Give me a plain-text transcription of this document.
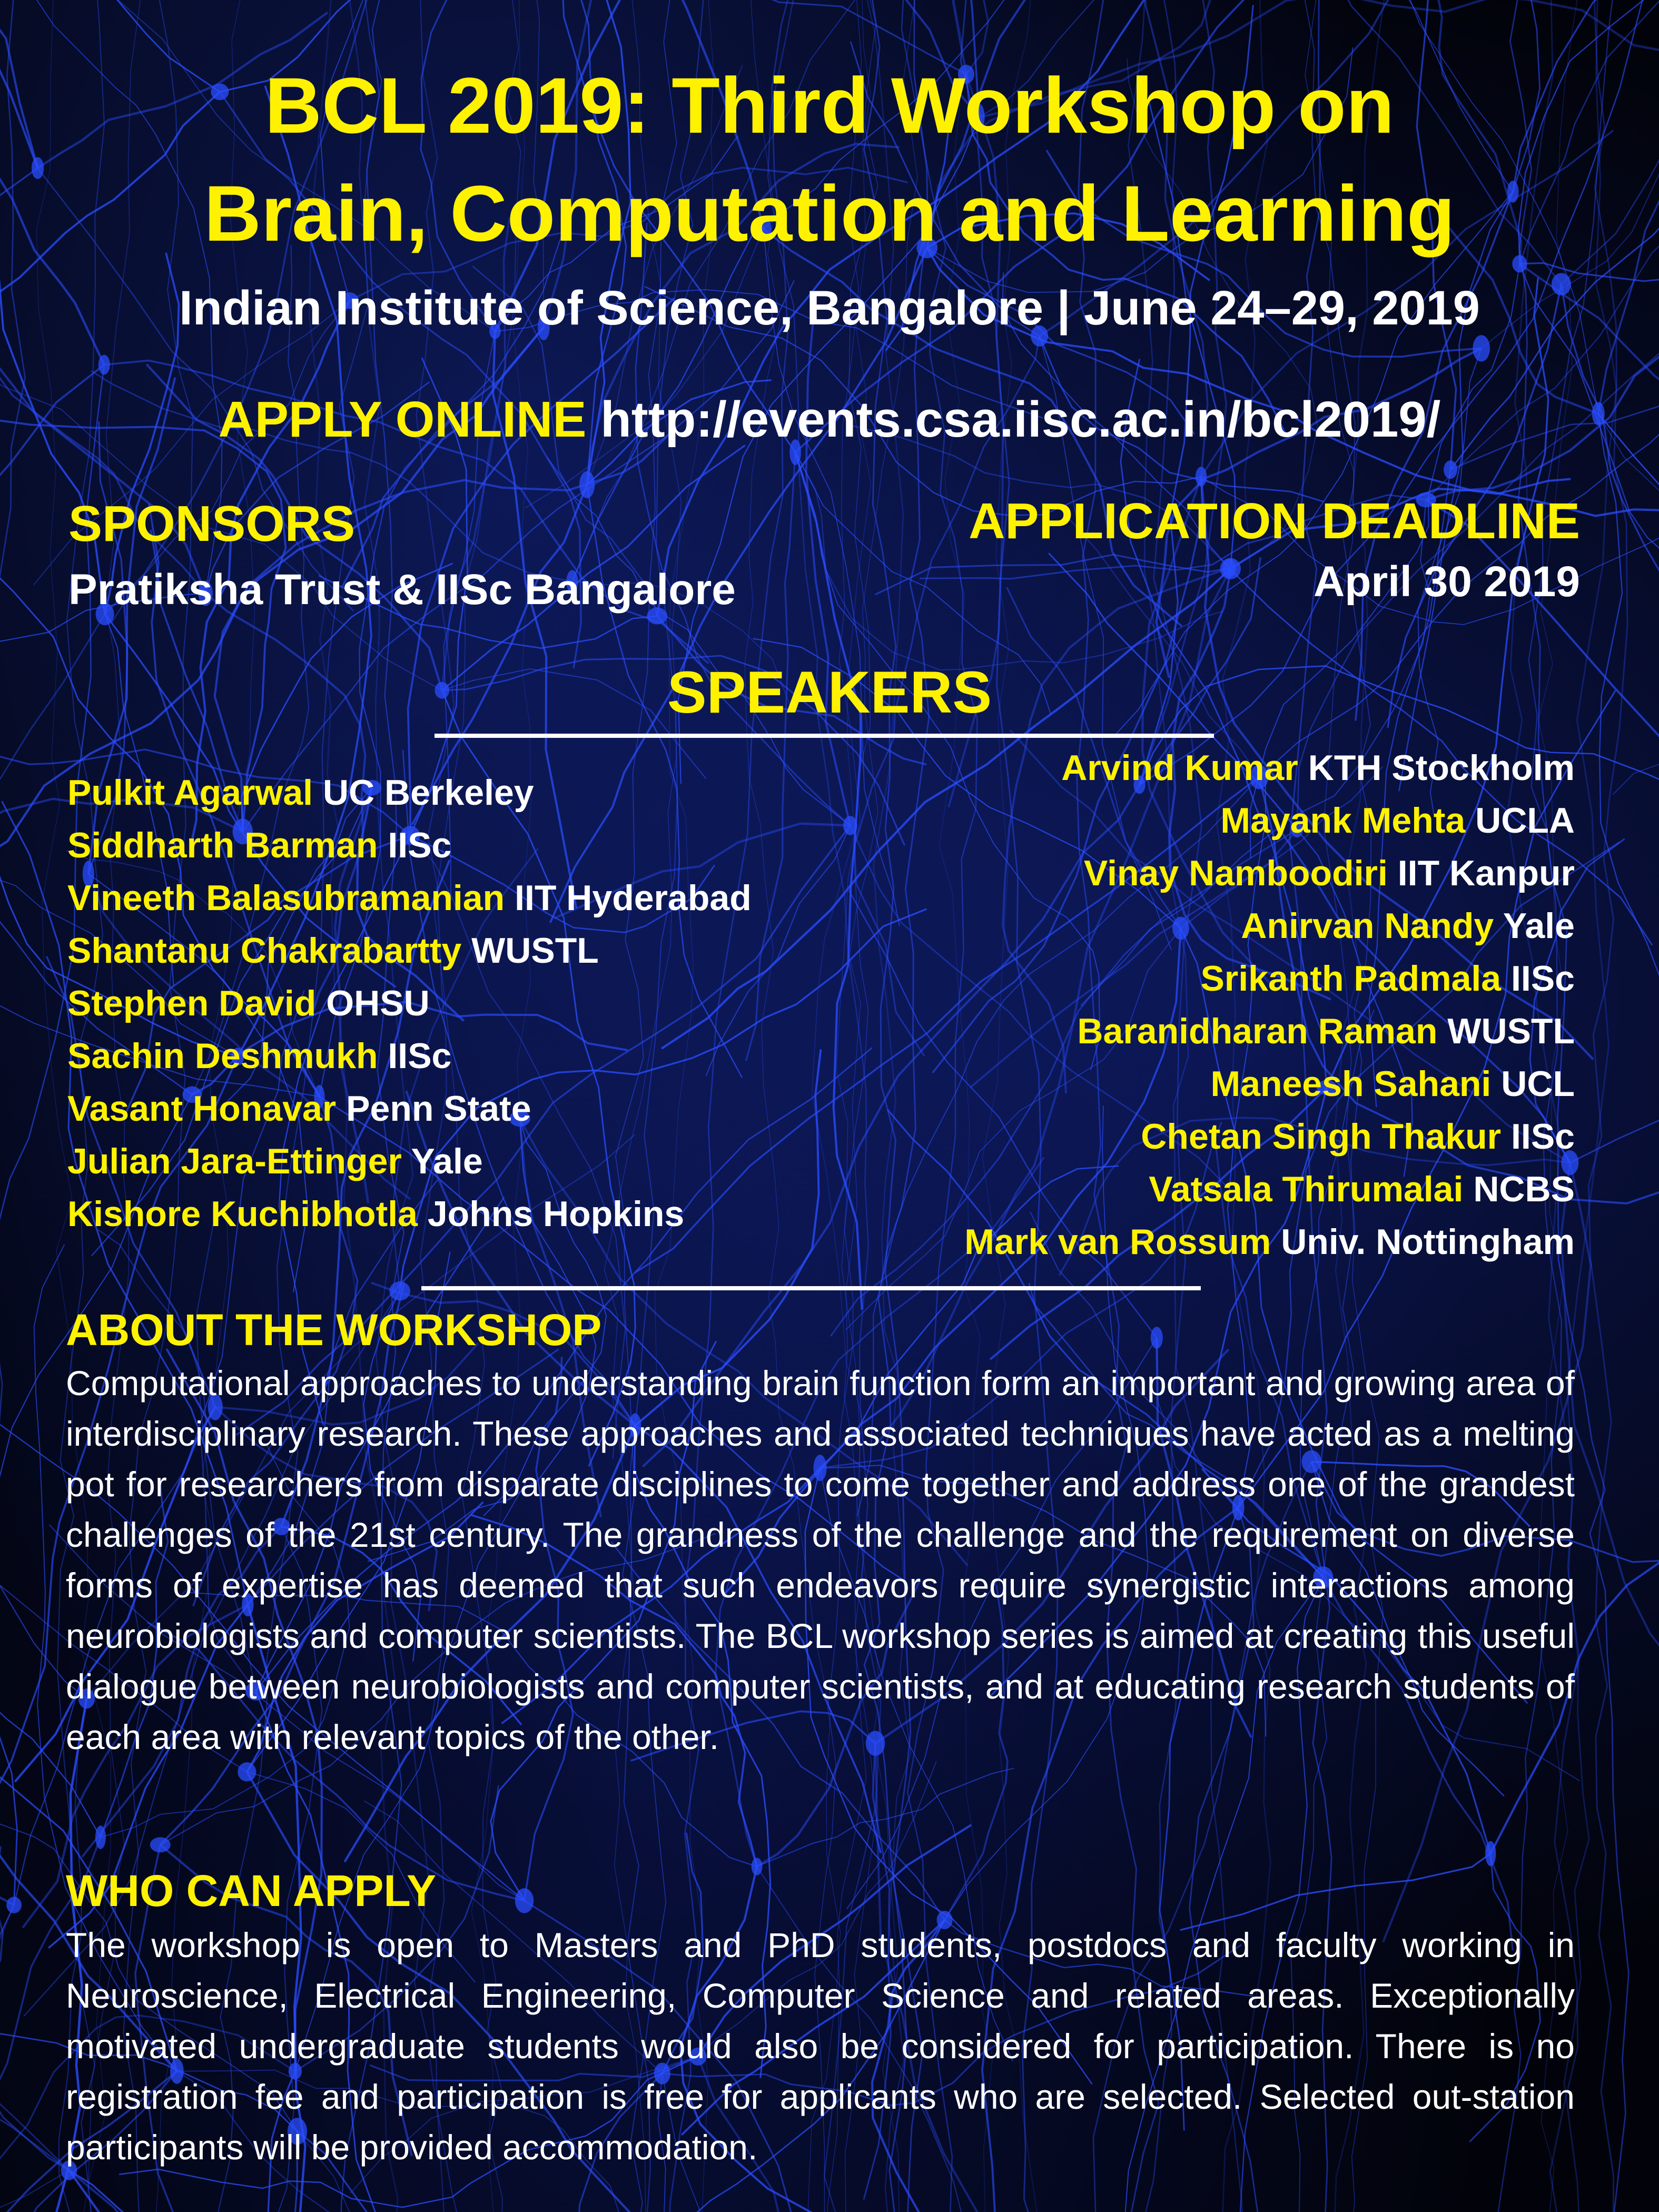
BCL 2019: Third Workshop on
Brain, Computation and Learning
Indian Institute of Science, Bangalore | June 24–29, 2019
APPLY ONLINE http://events.csa.iisc.ac.in/bcl2019/
SPONSORS
Pratiksha Trust & IISc Bangalore
APPLICATION DEADLINE
April 30 2019
SPEAKERS
Pulkit Agarwal UC Berkeley
Siddharth Barman IISc
Vineeth Balasubramanian IIT Hyderabad
Shantanu Chakrabartty WUSTL
Stephen David OHSU
Sachin Deshmukh IISc
Vasant Honavar Penn State
Julian Jara-Ettinger Yale
Kishore Kuchibhotla Johns Hopkins
Arvind Kumar KTH Stockholm
Mayank Mehta UCLA
Vinay Namboodiri IIT Kanpur
Anirvan Nandy Yale
Srikanth Padmala IISc
Baranidharan Raman WUSTL
Maneesh Sahani UCL
Chetan Singh Thakur IISc
Vatsala Thirumalai NCBS
Mark van Rossum Univ. Nottingham
ABOUT THE WORKSHOP
Computational approaches to understanding brain function form an important and growing area of interdisciplinary research. These approaches and associated techniques have acted as a melting pot for researchers from disparate disciplines to come together and address one of the grandest challenges of the 21st century. The grandness of the challenge and the requirement on diverse forms of expertise has deemed that such endeavors require synergistic interactions among neurobiologists and computer scientists. The BCL workshop series is aimed at creating this useful dialogue between neurobiologists and computer scientists, and at educating research students of each area with relevant topics of the other.
WHO CAN APPLY
The workshop is open to Masters and PhD students, postdocs and faculty working in Neuroscience, Electrical Engineering, Computer Science and related areas. Exceptionally motivated undergraduate students would also be considered for participation. There is no registration fee and participation is free for applicants who are selected. Selected out-station participants will be provided accommodation.
